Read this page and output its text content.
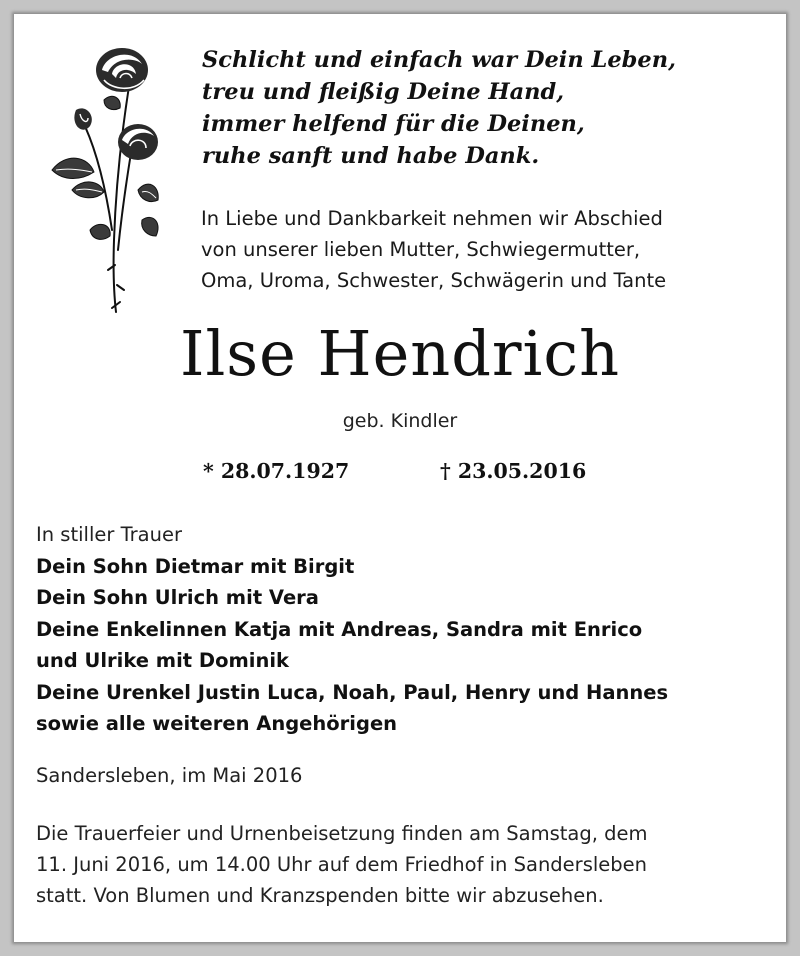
Schlicht und einfach war Dein Leben,
treu und fleißig Deine Hand,
immer helfend für die Deinen,
ruhe sanft und habe Dank.
In Liebe und Dankbarkeit nehmen wir Abschied
von unserer lieben Mutter, Schwiegermutter,
Oma, Uroma, Schwester, Schwägerin und Tante
Ilse Hendrich
geb. Kindler
* 28.07.1927	† 23.05.2016
In stiller Trauer
Dein Sohn Dietmar mit Birgit
Dein Sohn Ulrich mit Vera
Deine Enkelinnen Katja mit Andreas, Sandra mit Enrico
und Ulrike mit Dominik
Deine Urenkel Justin Luca, Noah, Paul, Henry und Hannes
sowie alle weiteren Angehörigen
Sandersleben, im Mai 2016
Die Trauerfeier und Urnenbeisetzung finden am Samstag, dem
11. Juni 2016, um 14.00 Uhr auf dem Friedhof in Sandersleben
statt. Von Blumen und Kranzspenden bitte wir abzusehen.
